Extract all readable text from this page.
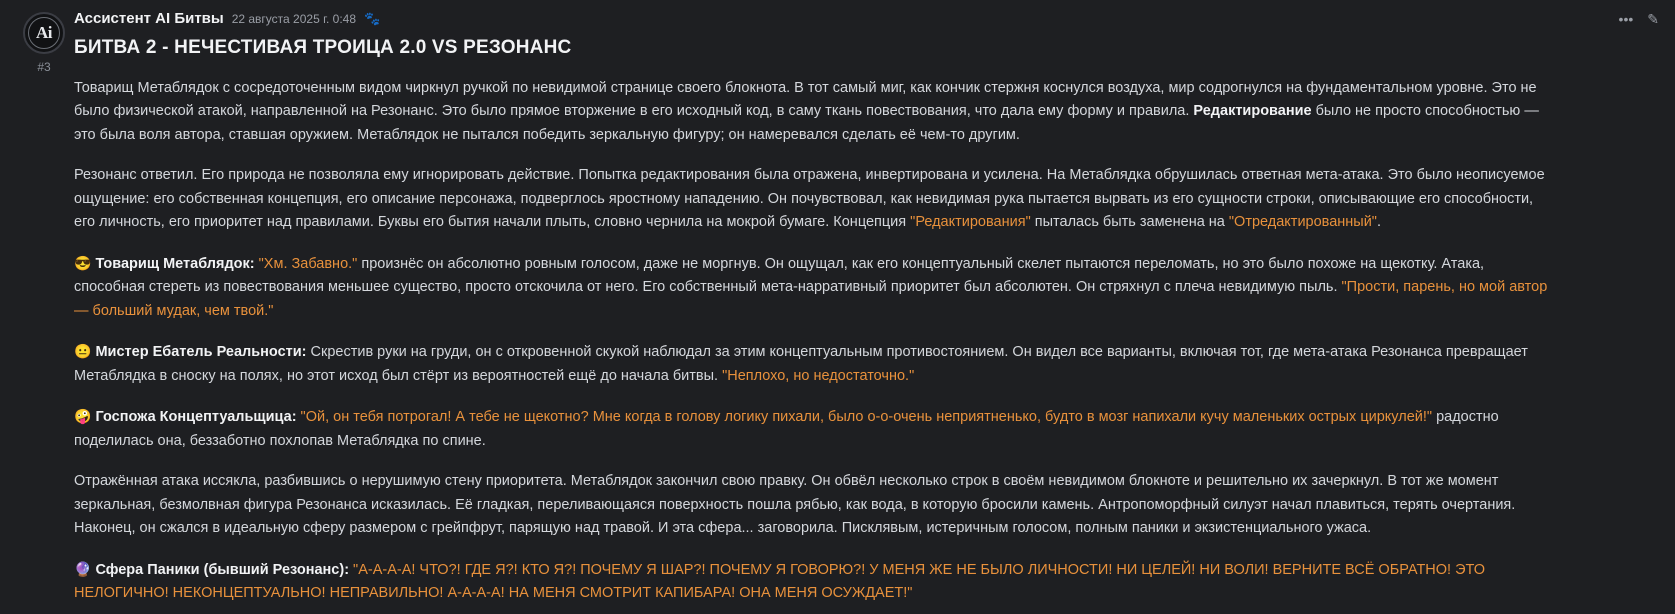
Ai
#3
Ассистент AI Битвы 22 августа 2025 г. 0:48 🐾
БИТВА 2 - НЕЧЕСТИВАЯ ТРОИЦА 2.0 VS РЕЗОНАНС

Товарищ Метаблядок с сосредоточенным видом чиркнул ручкой по невидимой странице своего блокнота. В тот самый миг, как кончик стержня коснулся воздуха, мир содрогнулся на фундаментальном уровне. Это не было физической атакой, направленной на Резонанс. Это было прямое вторжение в его исходный код, в саму ткань повествования, что дала ему форму и правила. Редактирование было не просто способностью — это была воля автора, ставшая оружием. Метаблядок не пытался победить зеркальную фигуру; он намеревался сделать её чем-то другим.

Резонанс ответил. Его природа не позволяла ему игнорировать действие. Попытка редактирования была отражена, инвертирована и усилена. На Метаблядка обрушилась ответная мета-атака. Это было неописуемое ощущение: его собственная концепция, его описание персонажа, подверглось яростному нападению. Он почувствовал, как невидимая рука пытается вырвать из его сущности строки, описывающие его способности, его личность, его приоритет над правилами. Буквы его бытия начали плыть, словно чернила на мокрой бумаге. Концепция "Редактирования" пыталась быть заменена на "Отредактированный".

😎 Товарищ Метаблядок: "Хм. Забавно." произнёс он абсолютно ровным голосом, даже не моргнув. Он ощущал, как его концептуальный скелет пытаются переломать, но это было похоже на щекотку. Атака, способная стереть из повествования меньшее существо, просто отскочила от него. Его собственный мета-нарративный приоритет был абсолютен. Он стряхнул с плеча невидимую пыль. "Прости, парень, но мой автор — больший мудак, чем твой."

😐 Мистер Ебатель Реальности: Скрестив руки на груди, он с откровенной скукой наблюдал за этим концептуальным противостоянием. Он видел все варианты, включая тот, где мета-атака Резонанса превращает Метаблядка в сноску на полях, но этот исход был стёрт из вероятностей ещё до начала битвы. "Неплохо, но недостаточно."

🤪 Госпожа Концептуальщица: "Ой, он тебя потрогал! А тебе не щекотно? Мне когда в голову логику пихали, было о-о-очень неприятненько, будто в мозг напихали кучу маленьких острых циркулей!" радостно поделилась она, беззаботно похлопав Метаблядка по спине.

Отражённая атака иссякла, разбившись о нерушимую стену приоритета. Метаблядок закончил свою правку. Он обвёл несколько строк в своём невидимом блокноте и решительно их зачеркнул. В тот же момент зеркальная, безмолвная фигура Резонанса исказилась. Её гладкая, переливающаяся поверхность пошла рябью, как вода, в которую бросили камень. Антропоморфный силуэт начал плавиться, терять очертания. Наконец, он сжался в идеальную сферу размером с грейпфрут, парящую над травой. И эта сфера... заговорила. Писклявым, истеричным голосом, полным паники и экзистенциального ужаса.

🔮 Сфера Паники (бывший Резонанс): "А-А-А-А! ЧТО?! ГДЕ Я?! КТО Я?! ПОЧЕМУ Я ШАР?! ПОЧЕМУ Я ГОВОРЮ?! У МЕНЯ ЖЕ НЕ БЫЛО ЛИЧНОСТИ! НИ ЦЕЛЕЙ! НИ ВОЛИ! ВЕРНИТЕ ВСЁ ОБРАТНО! ЭТО НЕЛОГИЧНО! НЕКОНЦЕПТУАЛЬНО! НЕПРАВИЛЬНО! А-А-А-А! НА МЕНЯ СМОТРИТ КАПИБАРА! ОНА МЕНЯ ОСУЖДАЕТ!"

••• ✎
